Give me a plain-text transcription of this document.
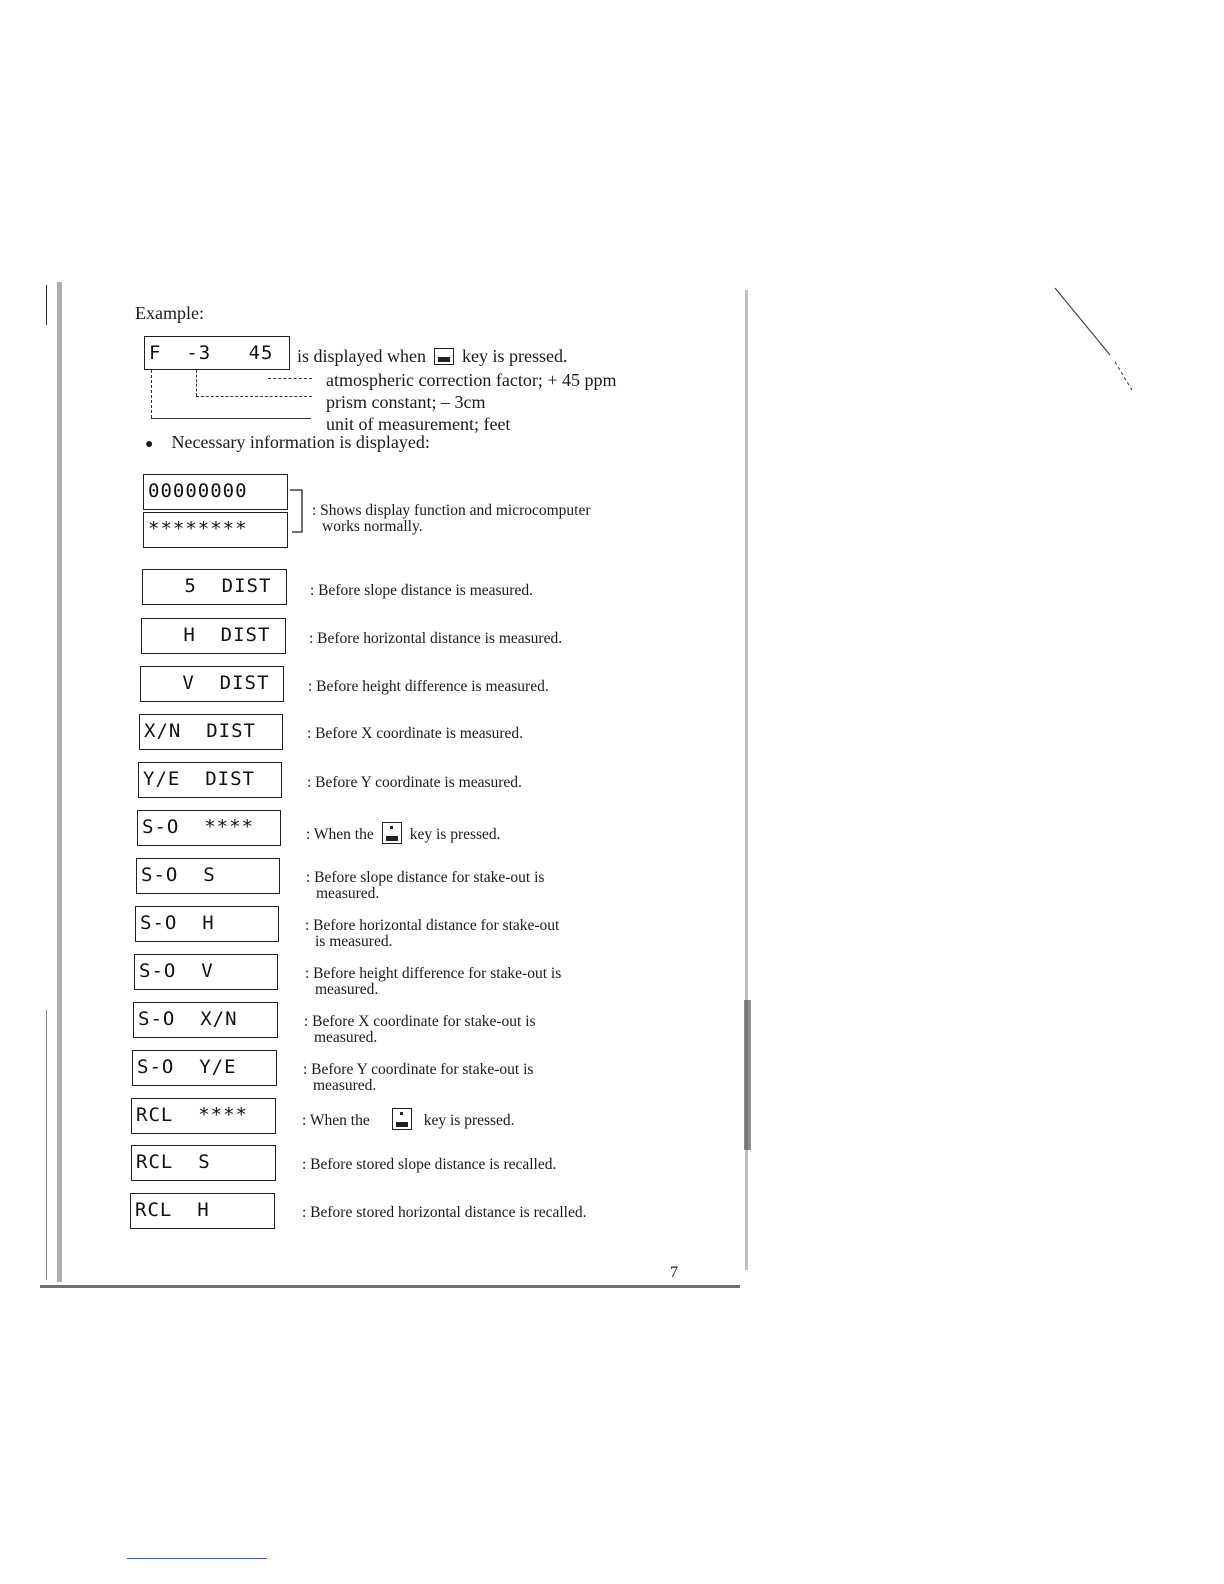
Example:
F  -3   45	is displayed when key is pressed.
atmospheric correction factor; + 45 ppm
prism constant; – 3cm
unit of measurement; feet
● Necessary information is displayed:
00000000
********
: Shows display function and microcomputer
works normally.
5  DIST	: Before slope distance is measured.
H  DIST	: Before horizontal distance is measured.
V  DIST	: Before height difference is measured.
X/N  DIST	: Before X coordinate is measured.
Y/E  DIST	: Before Y coordinate is measured.
S-O  ****	: When the key is pressed.
S-O  S	: Before slope distance for stake-out is
measured.
S-O  H	: Before horizontal distance for stake-out
is measured.
S-O  V	: Before height difference for stake-out is
measured.
S-O  X/N	: Before X coordinate for stake-out is
measured.
S-O  Y/E	: Before Y coordinate for stake-out is
measured.
RCL  ****	: When the	key is pressed.
RCL  S	: Before stored slope distance is recalled.
RCL  H	: Before stored horizontal distance is recalled.
7
